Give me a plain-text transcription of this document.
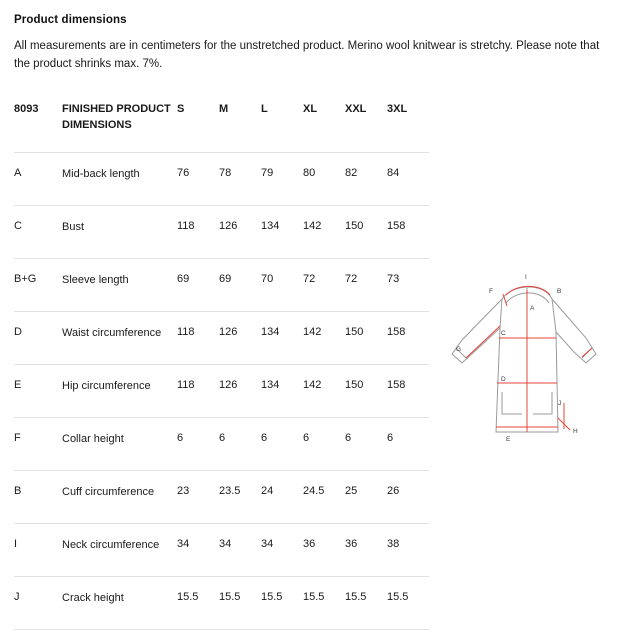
Product dimensions

All measurements are in centimeters for the unstretched product. Merino wool knitwear is stretchy. Please note that the product shrinks max. 7%.

8093	FINISHED PRODUCT DIMENSIONS	S	M	L	XL	XXL	3XL
A	Mid-back length	76	78	79	80	82	84
C	Bust	118	126	134	142	150	158
B+G	Sleeve length	69	69	70	72	72	73
D	Waist circumference	118	126	134	142	150	158
E	Hip circumference	118	126	134	142	150	158
F	Collar height	6	6	6	6	6	6
B	Cuff circumference	23	23.5	24	24.5	25	26
I	Neck circumference	34	34	34	36	36	38
J	Crack height	15.5	15.5	15.5	15.5	15.5	15.5
I
F	B
A
C
G
D
J
E
H
